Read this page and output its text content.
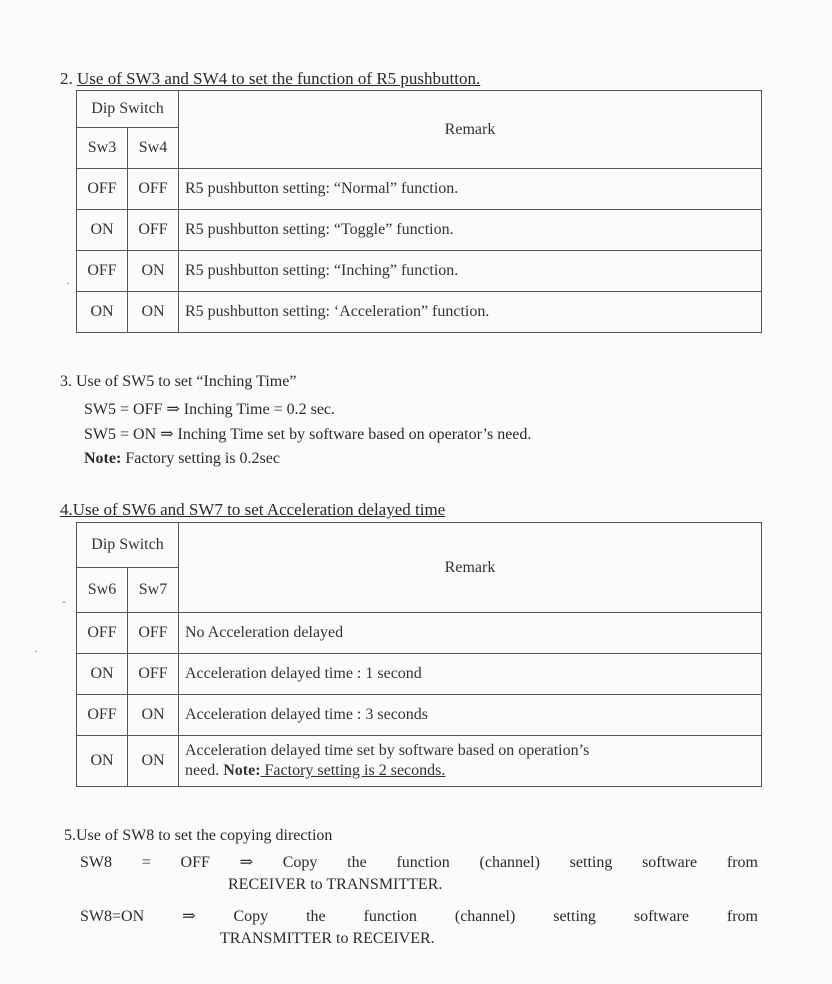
2. Use of SW3 and SW4 to set the function of R5 pushbutton.
Dip Switch		Remark
Sw3	Sw4	
OFF	OFF	R5 pushbutton setting: “Normal” function.
ON	OFF	R5 pushbutton setting: “Toggle” function.
OFF	ON	R5 pushbutton setting: “Inching” function.
ON	ON	R5 pushbutton setting: ‘Acceleration” function.
·
3. Use of SW5 to set “Inching Time”
SW5 = OFF ⇒ Inching Time = 0.2 sec.
SW5 = ON ⇒ Inching Time set by software based on operator’s need.
Note: Factory setting is 0.2sec
4.Use of SW6 and SW7 to set Acceleration delayed time
Dip Switch		Remark
Sw6	Sw7	
OFF	OFF	No Acceleration delayed
ON	OFF	Acceleration delayed time : 1 second
OFF	ON	Acceleration delayed time : 3 seconds
ON	ON	Acceleration delayed time set by software based on operation’s
need. Note: Factory setting is 2 seconds.
-
·
5.Use of SW8 to set the copying direction
SW8 = OFF ⇒ Copy the function (channel) setting software from
RECEIVER to TRANSMITTER.
SW8=ON ⇒ Copy the function (channel) setting software from
TRANSMITTER to RECEIVER.
